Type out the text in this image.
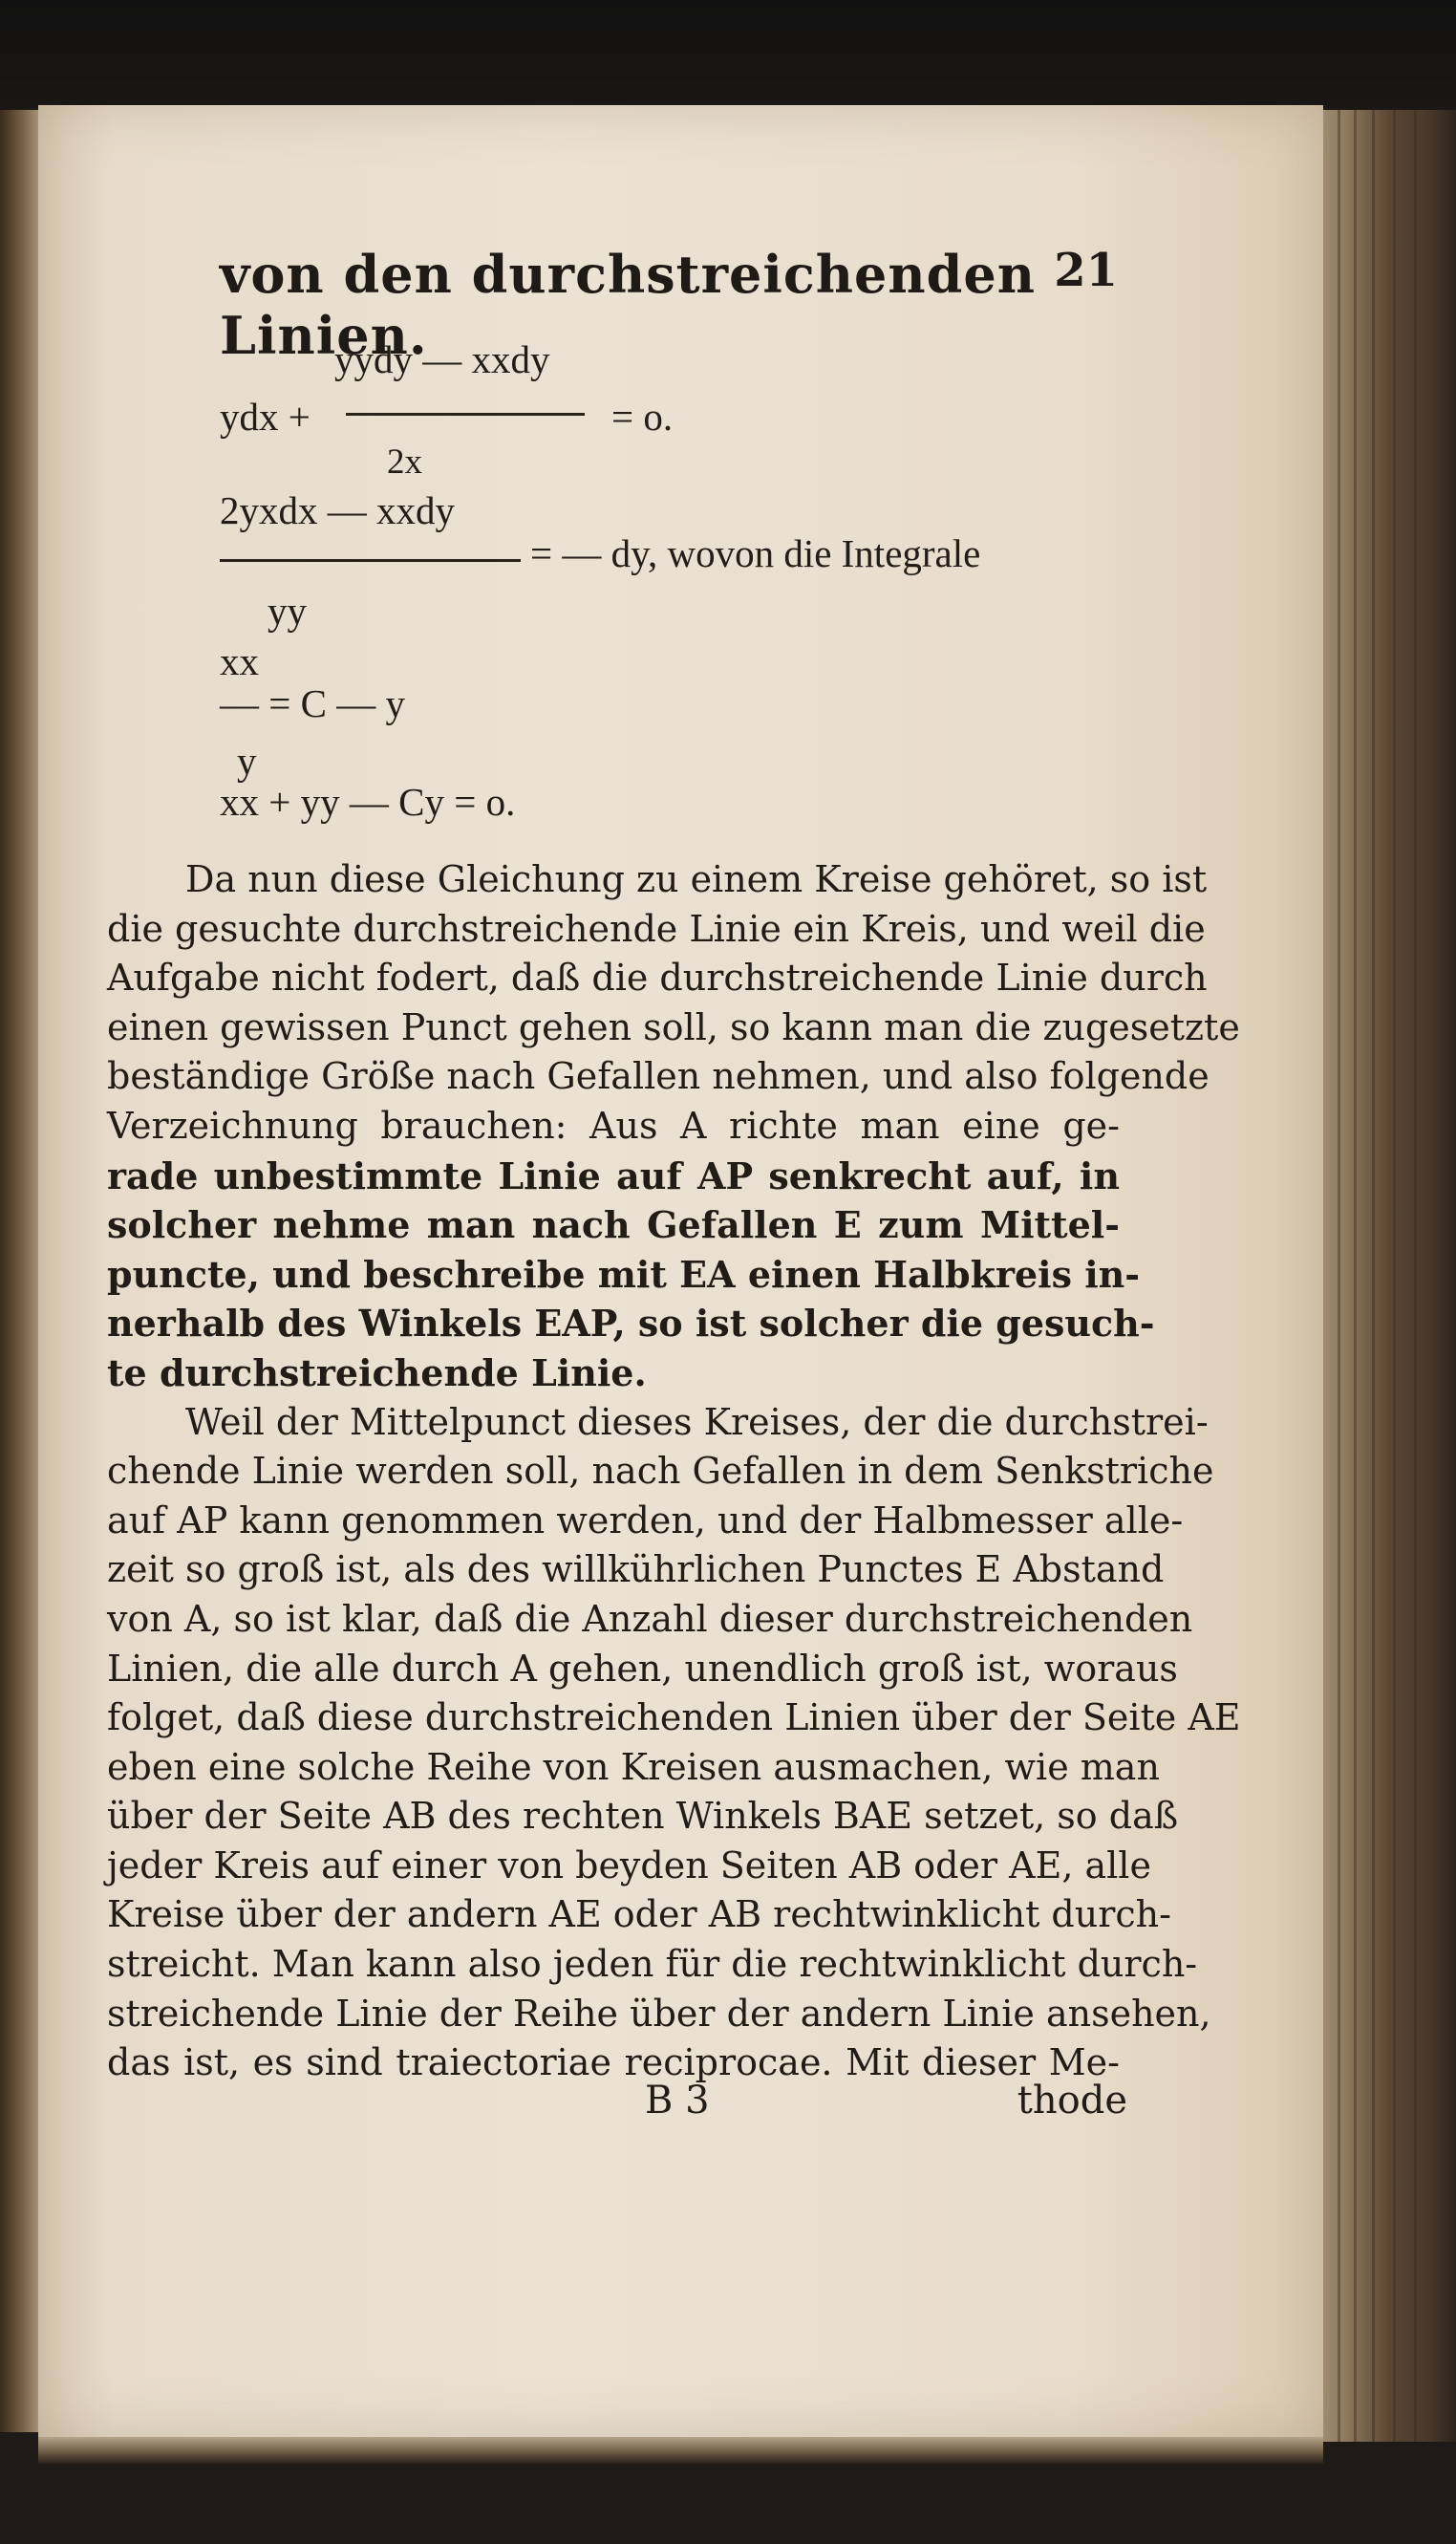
von den durchstreichenden Linien.
21
yydy — xxdy
ydx +	= o.
2x
2yxdx — xxdy
= — dy, wovon die Integrale
yy
xx
— = C — y
y
xx + yy — Cy = o.
Da nun diese Gleichung zu einem Kreise gehöret, so ist
die gesuchte durchstreichende Linie ein Kreis, und weil die
Aufgabe nicht fodert, daß die durchstreichende Linie durch
einen gewissen Punct gehen soll, so kann man die zugesetzte
beständige Größe nach Gefallen nehmen, und also folgende
Verzeichnung brauchen: Aus A richte man eine ge-
rade unbestimmte Linie auf AP senkrecht auf, in
solcher nehme man nach Gefallen E zum Mittel-
puncte, und beschreibe mit EA einen Halbkreis in-
nerhalb des Winkels EAP, so ist solcher die gesuch-
te durchstreichende Linie.
Weil der Mittelpunct dieses Kreises, der die durchstrei-
chende Linie werden soll, nach Gefallen in dem Senkstriche
auf AP kann genommen werden, und der Halbmesser alle-
zeit so groß ist, als des willkührlichen Punctes E Abstand
von A, so ist klar, daß die Anzahl dieser durchstreichenden
Linien, die alle durch A gehen, unendlich groß ist, woraus
folget, daß diese durchstreichenden Linien über der Seite AE
eben eine solche Reihe von Kreisen ausmachen, wie man
über der Seite AB des rechten Winkels BAE setzet, so daß
jeder Kreis auf einer von beyden Seiten AB oder AE, alle
Kreise über der andern AE oder AB rechtwinklicht durch-
streicht. Man kann also jeden für die rechtwinklicht durch-
streichende Linie der Reihe über der andern Linie ansehen,
das ist, es sind traiectoriae reciprocae. Mit dieser Me-
B 3	thode
